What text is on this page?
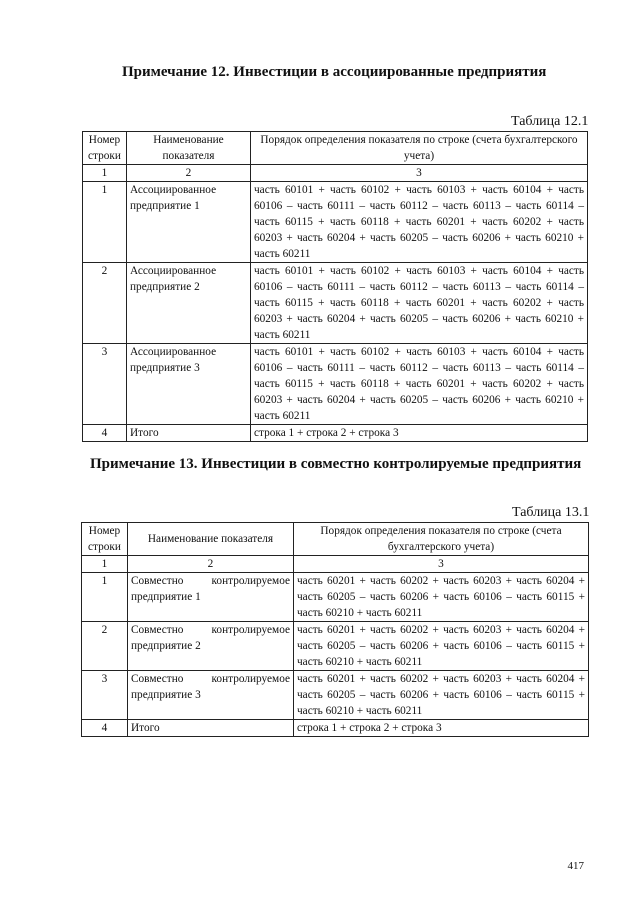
Примечание 12. Инвестиции в ассоциированные предприятия
Таблица 12.1
Номер строки	Наименование показателя	Порядок определения показателя по строке (счета бухгалтерского учета)
1	2	3
1	Ассоциированное предприятие 1	часть 60101 + часть 60102 + часть 60103 + часть 60104 + часть 60106 – часть 60111 – часть 60112 – часть 60113 – часть 60114 – часть 60115 + часть 60118 + часть 60201 + часть 60202 + часть 60203 + часть 60204 + часть 60205 – часть 60206 + часть 60210 + часть 60211
2	Ассоциированное предприятие 2	часть 60101 + часть 60102 + часть 60103 + часть 60104 + часть 60106 – часть 60111 – часть 60112 – часть 60113 – часть 60114 – часть 60115 + часть 60118 + часть 60201 + часть 60202 + часть 60203 + часть 60204 + часть 60205 – часть 60206 + часть 60210 + часть 60211
3	Ассоциированное предприятие 3	часть 60101 + часть 60102 + часть 60103 + часть 60104 + часть 60106 – часть 60111 – часть 60112 – часть 60113 – часть 60114 – часть 60115 + часть 60118 + часть 60201 + часть 60202 + часть 60203 + часть 60204 + часть 60205 – часть 60206 + часть 60210 + часть 60211
4	Итого	строка 1 + строка 2 + строка 3
Примечание 13. Инвестиции в совместно контролируемые предприятия
Таблица 13.1
Номер строки	Наименование показателя	Порядок определения показателя по строке (счета бухгалтерского учета)
1	2	3
1	Совместно контролируемое предприятие 1	часть 60201 + часть 60202 + часть 60203 + часть 60204 + часть 60205 – часть 60206 + часть 60106 – часть 60115 + часть 60210 + часть 60211
2	Совместно контролируемое предприятие 2	часть 60201 + часть 60202 + часть 60203 + часть 60204 + часть 60205 – часть 60206 + часть 60106 – часть 60115 + часть 60210 + часть 60211
3	Совместно контролируемое предприятие 3	часть 60201 + часть 60202 + часть 60203 + часть 60204 + часть 60205 – часть 60206 + часть 60106 – часть 60115 + часть 60210 + часть 60211
4	Итого	строка 1 + строка 2 + строка 3
417
